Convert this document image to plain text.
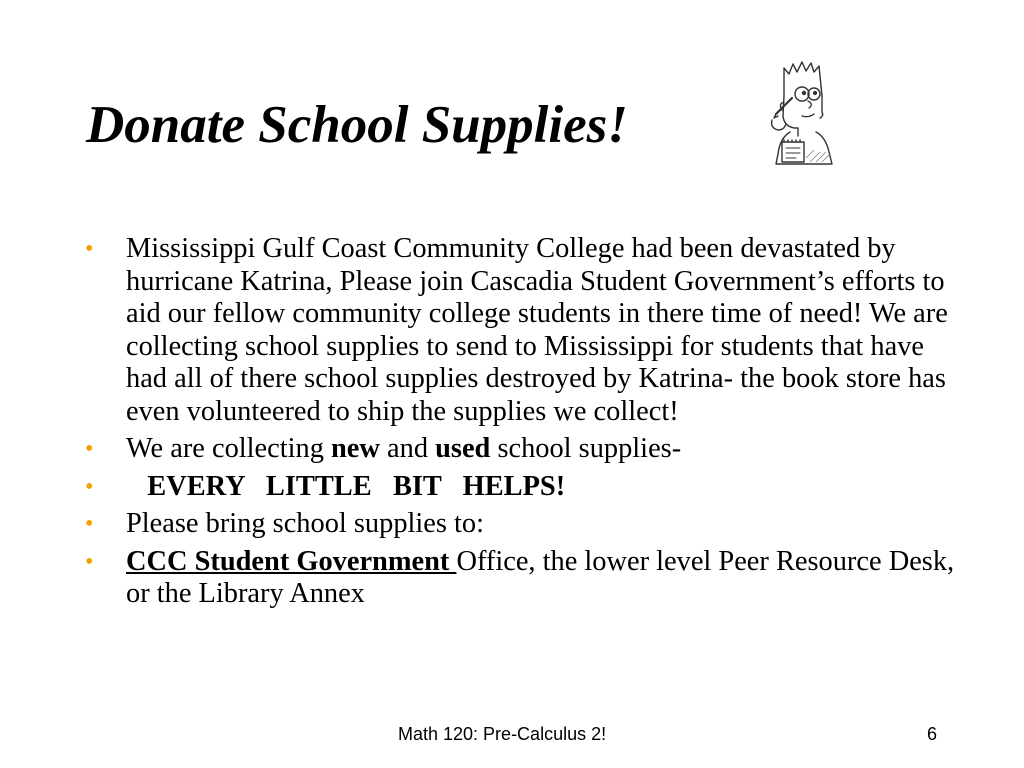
Donate School Supplies!
• Mississippi Gulf Coast Community College had been devastated by hurricane Katrina, Please join Cascadia Student Government’s efforts to aid our fellow community college students in there time of need! We are collecting school supplies to send to Mississippi for students that have had all of there school supplies destroyed by Katrina- the book store has even volunteered to ship the supplies we collect!
• We are collecting new and used school supplies-
• EVERY   LITTLE   BIT   HELPS!
• Please bring school supplies to:
• CCC Student Government Office, the lower level Peer Resource Desk, or the Library Annex
Math 120: Pre-Calculus 2!	6
